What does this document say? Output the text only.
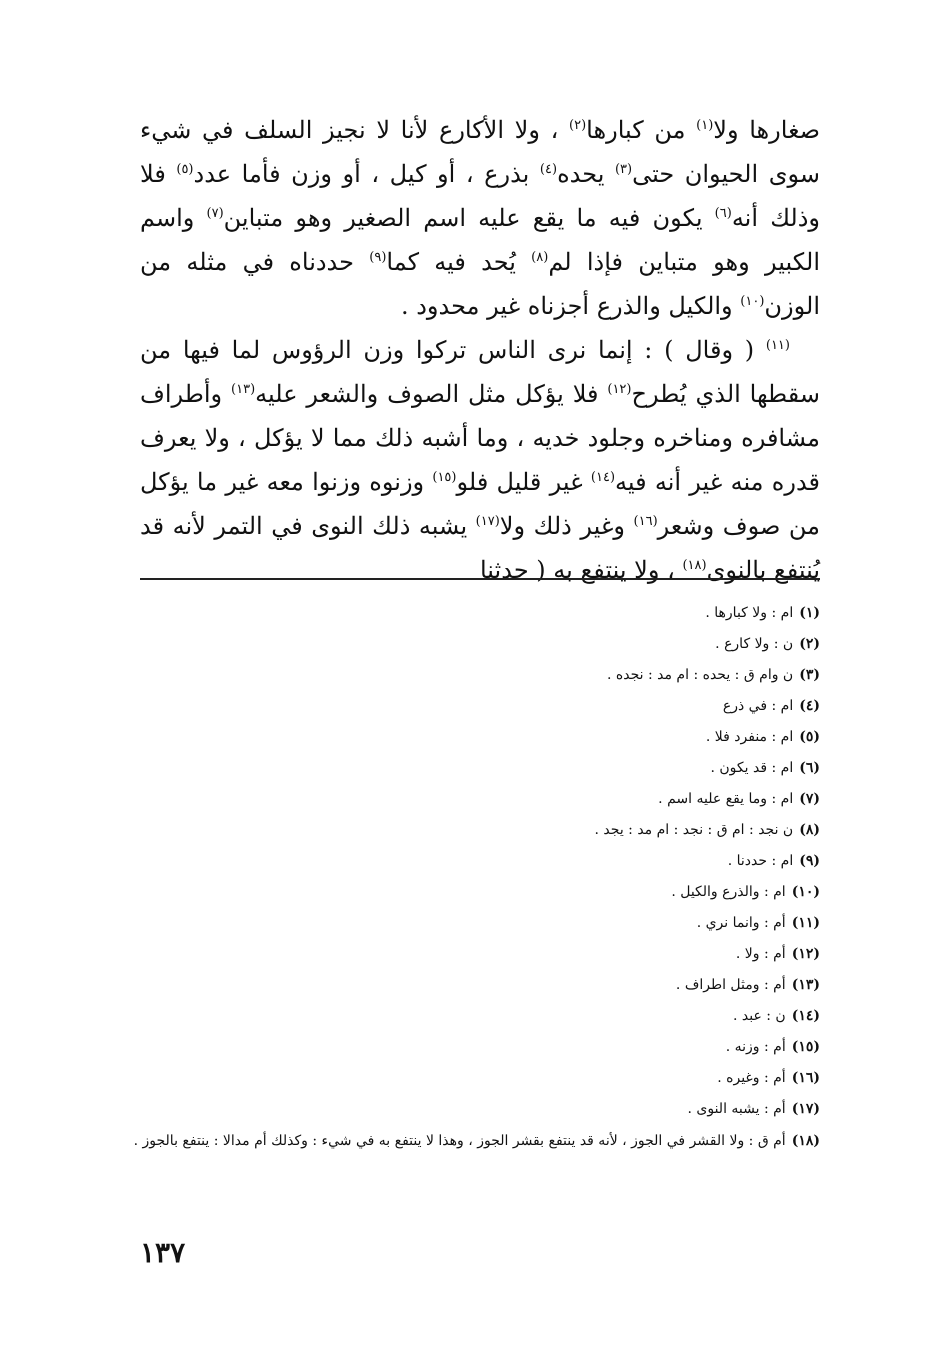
صغارها ولا$^{(١)}$ من كبارها$^{(٢)}$ ، ولا الأكارع لأنا لا نجيز السلف في شيء سوى الحيوان حتى$^{(٣)}$ يحده$^{(٤)}$ بذرع ، أو كيل ، أو وزن فأما عدد$^{(٥)}$ فلا وذلك أنه$^{(٦)}$ يكون فيه ما يقع عليه اسم الصغير وهو متباين$^{(٧)}$ واسم الكبير وهو متباين فإذا لم$^{(٨)}$ يُحد فيه كما$^{(٩)}$ حددناه في مثله من الوزن$^{(١٠)}$ والكيل والذرع أجزناه غير محدود .

$^{(١١)}$ ( وقال ) : إنما نرى الناس تركوا وزن الرؤوس لما فيها من سقطها الذي يُطرح$^{(١٢)}$ فلا يؤكل مثل الصوف والشعر عليه$^{(١٣)}$ وأطراف مشافره ومناخره وجلود خديه ، وما أشبه ذلك مما لا يؤكل ، ولا يعرف قدره منه غير أنه فيه$^{(١٤)}$ غير قليل فلو$^{(١٥)}$ وزنوه وزنوا معه غير ما يؤكل من صوف وشعر$^{(١٦)}$ وغير ذلك ولا$^{(١٧)}$ يشبه ذلك النوى في التمر لأنه قد يُنتفع بالنوى$^{(١٨)}$ ، ولا ينتفع به ( حدثنا

(١)ام : ولا كبارها .
(٢)ن : ولا كارع .
(٣)ن وام ق : يحده : ام مد : نجده .
(٤)ام : في ذرع
(٥)ام : منفرد فلا .
(٦)ام : قد يكون .
(٧)ام : وما يقع عليه اسم .
(٨)ن نجد : ام ق : نجد : ام مد : يجد .
(٩)ام : حددنا .
(١٠)ام : والذرع والكيل .
(١١)أم : وانما نري .
(١٢)أم : ولا .
(١٣)أم : ومثل اطراف .
(١٤)ن : عبد .
(١٥)أم : وزنه .
(١٦)أم : وغيره .
(١٧)أم : يشبه النوى .
(١٨)أم ق : ولا القشر في الجوز ، لأنه قد ينتفع بقشر الجوز ، وهذا لا ينتفع به في شيء : وكذلك أم مدالا : ينتفع بالجوز .
١٣٧
